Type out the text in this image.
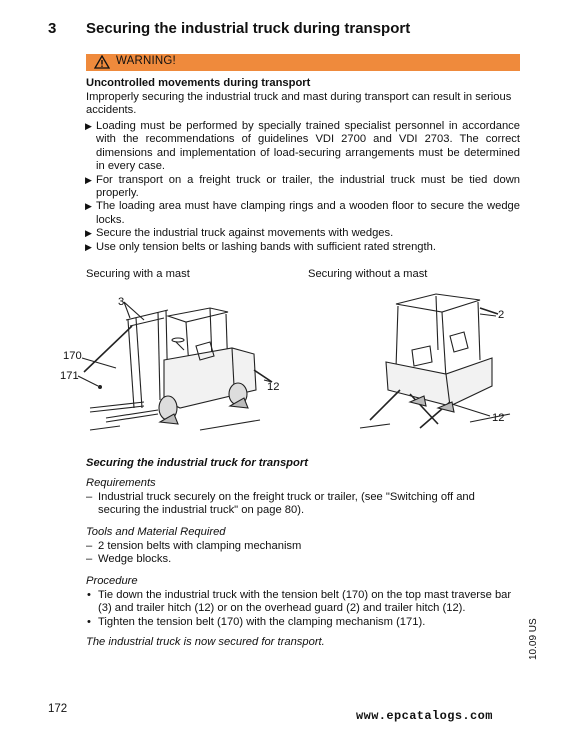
3 Securing the industrial truck during transport
WARNING!
Uncontrolled movements during transport
Improperly securing the industrial truck and mast during transport can result in serious accidents.
▶ Loading must be performed by specially trained specialist personnel in accordance with the recommendations of guidelines VDI 2700 and VDI 2703. The correct dimensions and implementation of load-securing arrangements must be determined in every case.
▶ For transport on a freight truck or trailer, the industrial truck must be tied down properly.
▶ The loading area must have clamping rings and a wooden floor to secure the wedge locks.
▶ Secure the industrial truck against movements with wedges.
▶ Use only tension belts or lashing bands with sufficient rated strength.
Securing with a mast	Securing without a mast
3
170
171
12
2
12
Securing the industrial truck for transport
Requirements
– Industrial truck securely on the freight truck or trailer, (see "Switching off and securing the industrial truck" on page 80).
Tools and Material Required
– 2 tension belts with clamping mechanism
– Wedge blocks.
Procedure
• Tie down the industrial truck with the tension belt (170) on the top mast traverse bar (3) and trailer hitch (12) or on the overhead guard (2) and trailer hitch (12).
• Tighten the tension belt (170) with the clamping mechanism (171).
The industrial truck is now secured for transport.
172
10.09 US
www.epcatalogs.com
